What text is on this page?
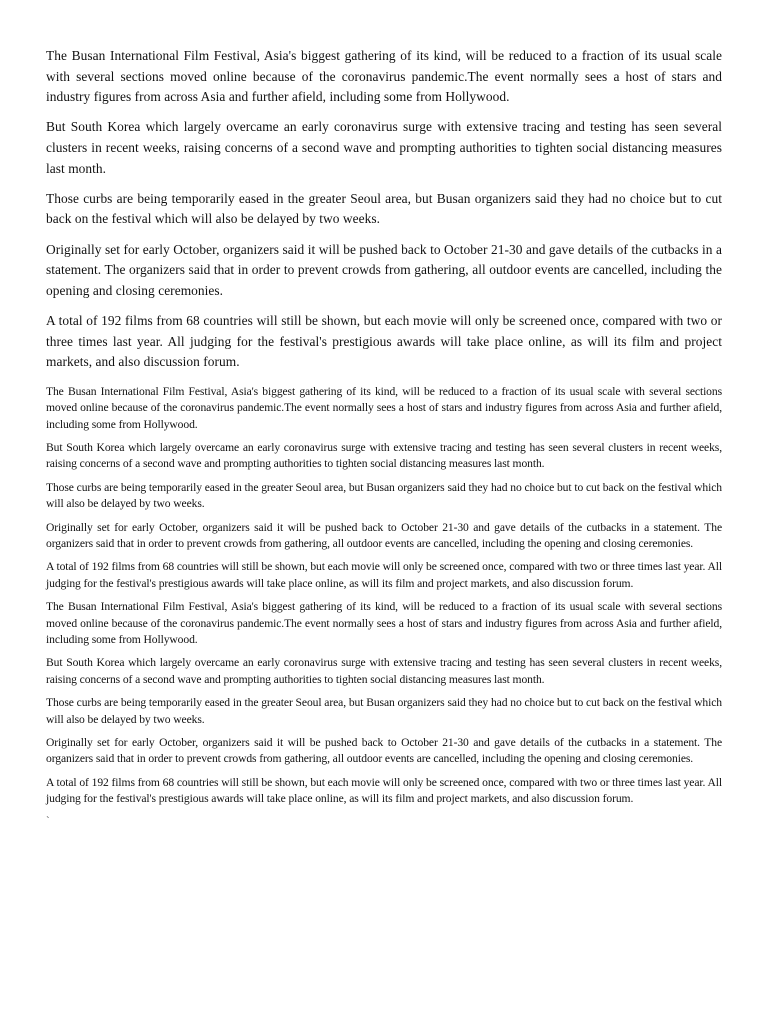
The Busan International Film Festival, Asia's biggest gathering of its kind, will be reduced to a fraction of its usual scale with several sections moved online because of the coronavirus pandemic.The event normally sees a host of stars and industry figures from across Asia and further afield, including some from Hollywood.

But South Korea which largely overcame an early coronavirus surge with extensive tracing and testing has seen several clusters in recent weeks, raising concerns of a second wave and prompting authorities to tighten social distancing measures last month.

Those curbs are being temporarily eased in the greater Seoul area, but Busan organizers said they had no choice but to cut back on the festival which will also be delayed by two weeks.

Originally set for early October, organizers said it will be pushed back to October 21-30 and gave details of the cutbacks in a statement. The organizers said that in order to prevent crowds from gathering, all outdoor events are cancelled, including the opening and closing ceremonies.

A total of 192 films from 68 countries will still be shown, but each movie will only be screened once, compared with two or three times last year. All judging for the festival's prestigious awards will take place online, as will its film and project markets, and also discussion forum.

The Busan International Film Festival, Asia's biggest gathering of its kind, will be reduced to a fraction of its usual scale with several sections moved online because of the coronavirus pandemic.The event normally sees a host of stars and industry figures from across Asia and further afield, including some from Hollywood.

But South Korea which largely overcame an early coronavirus surge with extensive tracing and testing has seen several clusters in recent weeks, raising concerns of a second wave and prompting authorities to tighten social distancing measures last month.

Those curbs are being temporarily eased in the greater Seoul area, but Busan organizers said they had no choice but to cut back on the festival which will also be delayed by two weeks.

Originally set for early October, organizers said it will be pushed back to October 21-30 and gave details of the cutbacks in a statement. The organizers said that in order to prevent crowds from gathering, all outdoor events are cancelled, including the opening and closing ceremonies.

A total of 192 films from 68 countries will still be shown, but each movie will only be screened once, compared with two or three times last year. All judging for the festival's prestigious awards will take place online, as will its film and project markets, and also discussion forum.

The Busan International Film Festival, Asia's biggest gathering of its kind, will be reduced to a fraction of its usual scale with several sections moved online because of the coronavirus pandemic.The event normally sees a host of stars and industry figures from across Asia and further afield, including some from Hollywood.

But South Korea which largely overcame an early coronavirus surge with extensive tracing and testing has seen several clusters in recent weeks, raising concerns of a second wave and prompting authorities to tighten social distancing measures last month.

Those curbs are being temporarily eased in the greater Seoul area, but Busan organizers said they had no choice but to cut back on the festival which will also be delayed by two weeks.

Originally set for early October, organizers said it will be pushed back to October 21-30 and gave details of the cutbacks in a statement. The organizers said that in order to prevent crowds from gathering, all outdoor events are cancelled, including the opening and closing ceremonies.

A total of 192 films from 68 countries will still be shown, but each movie will only be screened once, compared with two or three times last year. All judging for the festival's prestigious awards will take place online, as will its film and project markets, and also discussion forum.

`
